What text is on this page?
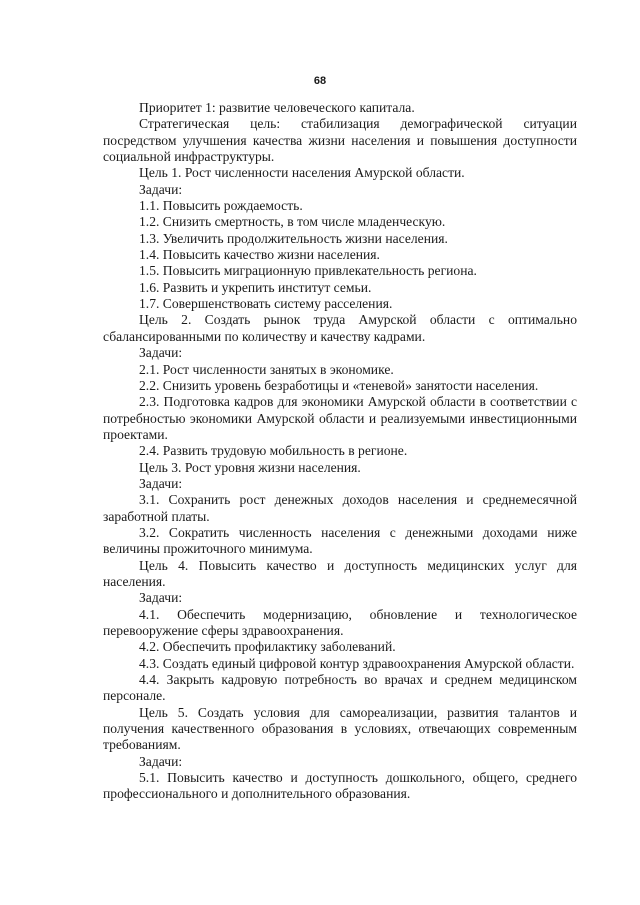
68

Приоритет 1: развитие человеческого капитала.

Стратегическая цель: стабилизация демографической ситуации посредством улучшения качества жизни населения и повышения доступности социальной инфраструктуры.

Цель 1. Рост численности населения Амурской области.

Задачи:

1.1. Повысить рождаемость.

1.2. Снизить смертность, в том числе младенческую.

1.3. Увеличить продолжительность жизни населения.

1.4. Повысить качество жизни населения.

1.5. Повысить миграционную привлекательность региона.

1.6. Развить и укрепить институт семьи.

1.7. Совершенствовать систему расселения.

Цель 2. Создать рынок труда Амурской области с оптимально сбалансированными по количеству и качеству кадрами.

Задачи:

2.1. Рост численности занятых в экономике.

2.2. Снизить уровень безработицы и «теневой» занятости населения.

2.3. Подготовка кадров для экономики Амурской области в соответствии с потребностью экономики Амурской области и реализуемыми инвестиционными проектами.

2.4. Развить трудовую мобильность в регионе.

Цель 3. Рост уровня жизни населения.

Задачи:

3.1. Сохранить рост денежных доходов населения и среднемесячной заработной платы.

3.2. Сократить численность населения с денежными доходами ниже величины прожиточного минимума.

Цель 4. Повысить качество и доступность медицинских услуг для населения.

Задачи:

4.1. Обеспечить модернизацию, обновление и технологическое перевооружение сферы здравоохранения.

4.2. Обеспечить профилактику заболеваний.

4.3. Создать единый цифровой контур здравоохранения Амурской области.

4.4. Закрыть кадровую потребность во врачах и среднем медицинском персонале.

Цель 5. Создать условия для самореализации, развития талантов и получения качественного образования в условиях, отвечающих современным требованиям.

Задачи:

5.1. Повысить качество и доступность дошкольного, общего, среднего профессионального и дополнительного образования.
